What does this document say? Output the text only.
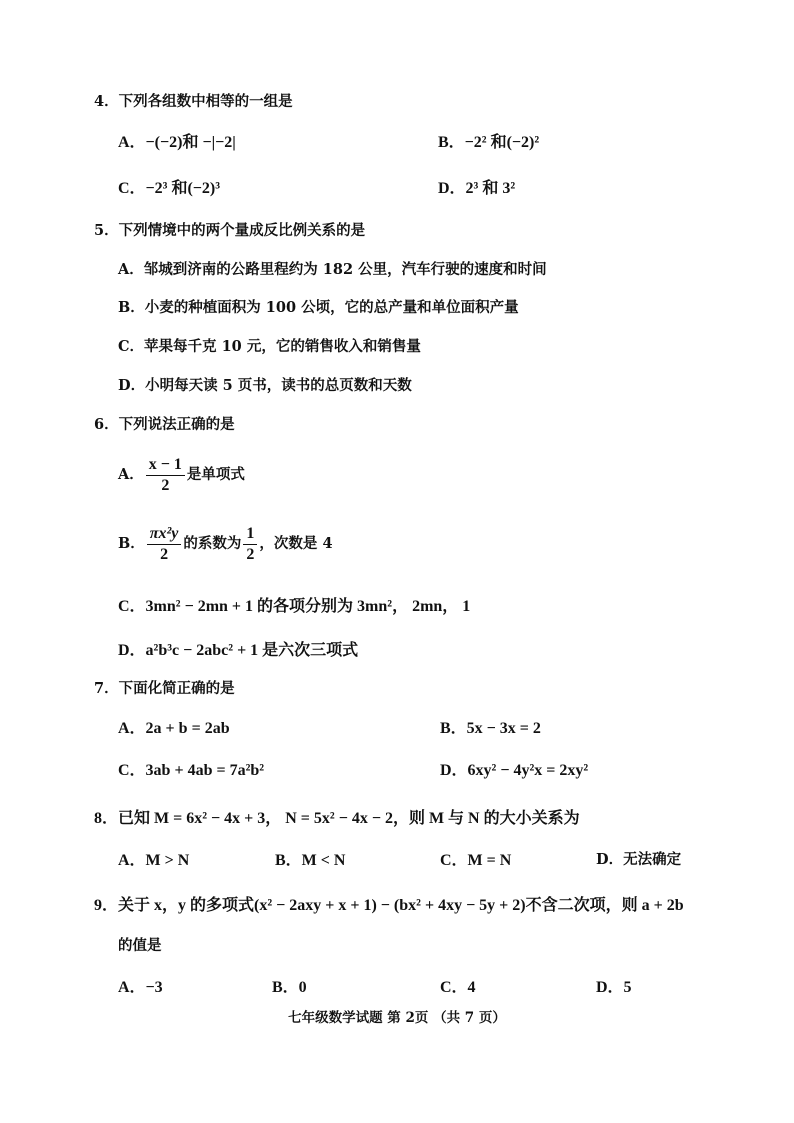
4．下列各组数中相等的一组是
A．−(−2)和 −|−2|	B．−2² 和(−2)²
C．−2³ 和(−2)³	D．2³ 和 3²
5．下列情境中的两个量成反比例关系的是
A．邹城到济南的公路里程约为 182 公里，汽车行驶的速度和时间
B．小麦的种植面积为 100 公顷，它的总产量和单位面积产量
C．苹果每千克 10 元，它的销售收入和销售量
D．小明每天读 5 页书，读书的总页数和天数
6．下列说法正确的是
A． $\frac{x - 1}{2}$ 是单项式
B． $\frac{\text{πx²y}}{2}$ 的系数为 $\frac{1}{2}$ ，次数是 4
C．3mn² − 2mn + 1 的各项分别为 3mn²， 2mn， 1
D．a²b³c − 2abc² + 1 是六次三项式
7．下面化简正确的是
A．2a + b = 2ab	B．5x − 3x = 2
C．3ab + 4ab = 7a²b²	D．6xy² − 4y²x = 2xy²
8．已知 M = 6x² − 4x + 3， N = 5x² − 4x − 2，则 M 与 N 的大小关系为
A．M > N	B．M < N	C．M = N	D．无法确定
9．关于 x，y 的多项式(x² − 2axy + x + 1) − (bx² + 4xy − 5y + 2)不含二次项，则 a + 2b
的值是
A．−3	B．0	C．4	D．5
七年级数学试题 第 2页 （共 7 页）
